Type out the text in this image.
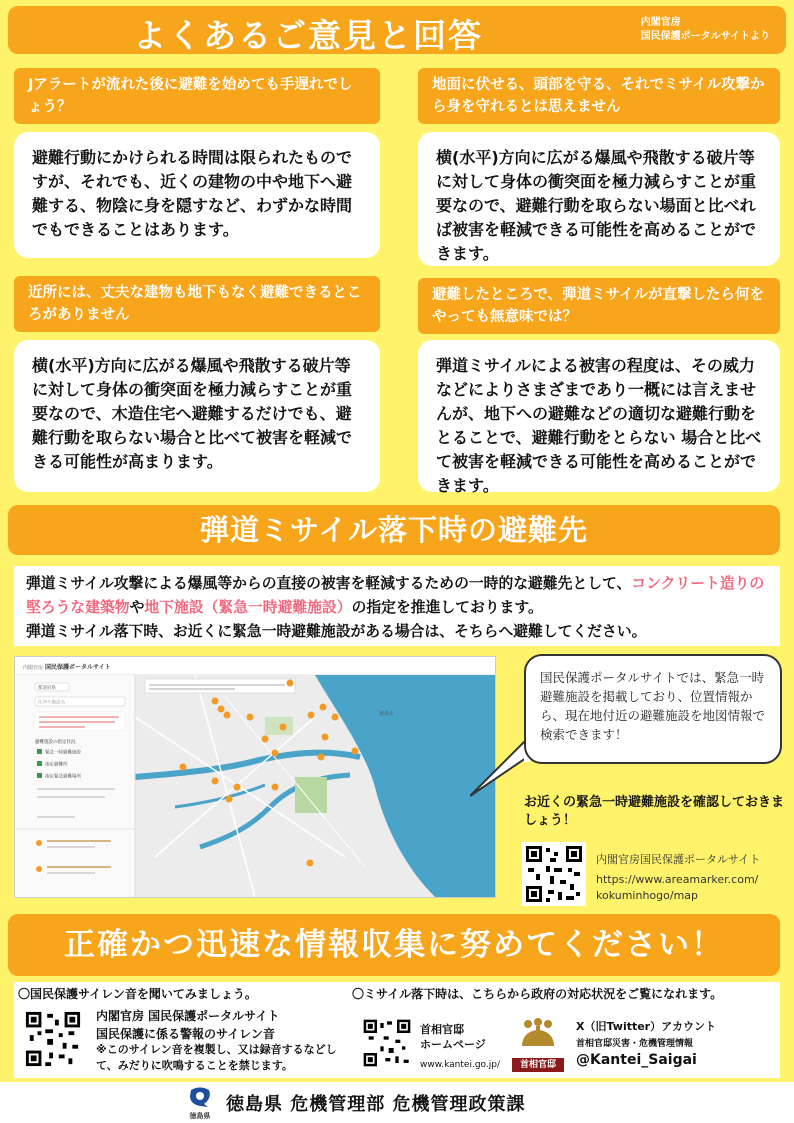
よくあるご意見と回答	内閣官房
国民保護ポータルサイトより
Jアラートが流れた後に避難を始めても手遅れでしょう？
避難行動にかけられる時間は限られたものですが、それでも、近くの建物の中や地下へ避難する、物陰に身を隠すなど、わずかな時間でもできることはあります。
地面に伏せる、頭部を守る、それでミサイル攻撃から身を守れるとは思えません
横(水平)方向に広がる爆風や飛散する破片等に対して身体の衝突面を極力減らすことが重要なので、避難行動を取らない場面と比べれば被害を軽減できる可能性を高めることができます。
近所には、丈夫な建物も地下もなく避難できるところがありません
横(水平)方向に広がる爆風や飛散する破片等に対して身体の衝突面を極力減らすことが重要なので、木造住宅へ避難するだけでも、避難行動を取らない場合と比べて被害を軽減できる可能性が高まります。
避難したところで、弾道ミサイルが直撃したら何をやっても無意味では？
弾道ミサイルによる被害の程度は、その威力などによりさまざまであり一概には言えませんが、地下への避難などの適切な避難行動をとることで、避難行動をとらない 場合と比べて被害を軽減できる可能性を高めることができます。
弾道ミサイル落下時の避難先
弾道ミサイル攻撃による爆風等からの直接の被害を軽減するための一時的な避難先として、コンクリート造りの堅ろうな建築物や地下施設（緊急一時避難施設）の指定を推進しております。
弾道ミサイル落下時、お近くに緊急一時避難施設がある場合は、そちらへ避難してください。
内閣官房 国民保護ポータルサイト
都道府県
住所や施設名
避難施設の指定状況
緊急一時避難施設
指定避難所
指定緊急避難場所
徳島市
国民保護ポータルサイトでは、緊急一時避難施設を掲載しており、位置情報から、現在地付近の避難施設を地図情報で検索できます！
お近くの緊急一時避難施設を確認しておきましょう！
内閣官房国民保護ポータルサイト
https://www.areamarker.com/
kokuminhogo/map
正確かつ迅速な情報収集に努めてください！
〇国民保護サイレン音を聞いてみましょう。	〇ミサイル落下時は、こちらから政府の対応状況をご覧になれます。
内閣官房 国民保護ポータルサイト
国民保護に係る警報のサイレン音
※このサイレン音を複製し、又は録音するなどして、みだりに吹鳴することを禁じます。
首相官邸
ホームページ
www.kantei.go.jp/	首相官邸
X（旧Twitter）アカウント
首相官邸災害・危機管理情報
@Kantei_Saigai
徳島県
徳島県 危機管理部 危機管理政策課
